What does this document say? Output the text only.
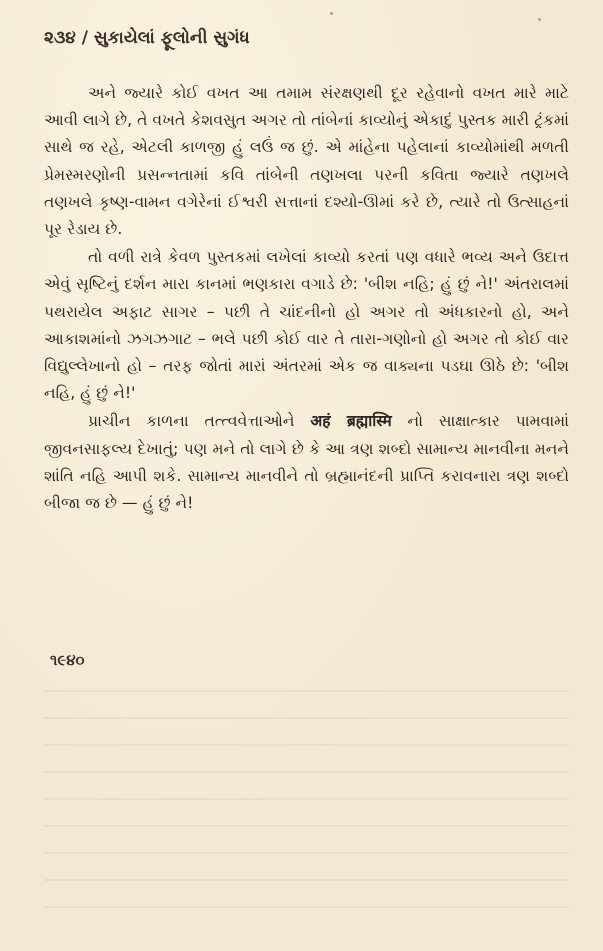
૨૩૪ / સુકાયેલાં ફૂલોની સુગંધ

અને જ્યારે કોઈ વખત આ તમામ સંરક્ષણથી દૂર રહેવાનો વખત મારે માટે આવી લાગે છે, તે વખતે કેશવસુત અગર તો તાંબેનાં કાવ્યોનું એકાદું પુસ્તક મારી ટ્રંકમાં સાથે જ રહે, એટલી કાળજી હું લઉં જ છું. એ માંહેના પહેલાનાં કાવ્યોમાંથી મળતી પ્રેમસ્મરણોની પ્રસન્નતામાં કવિ તાંબેની તણખલા પરની કવિતા જ્યારે તણખલે તણખલે કૃષ્ણ-વામન વગેરેનાં ઈશ્વરી સત્તાનાં દશ્યો-ઊમાં કરે છે, ત્યારે તો ઉત્સાહનાં પૂર રેડાય છે.

તો વળી રાત્રે કેવળ પુસ્તકમાં લખેલાં કાવ્યો કરતાં પણ વધારે ભવ્ય અને ઉદાત્ત એવું સૃષ્ટિનું દર્શન મારા કાનમાં ભણકારા વગાડે છે: 'બીશ નહિ; હું છું ને!' અંતરાલમાં પથરાયેલ અફાટ સાગર – પછી તે ચાંદનીનો હો અગર તો અંધકારનો હો, અને આકાશમાંનો ઝગઝગાટ – ભલે પછી કોઈ વાર તે તારા-ગણોનો હો અગર તો કોઈ વાર વિદ્યુલ્લેખાનો હો – તરફ જોતાં મારાં અંતરમાં એક જ વાક્યના પડઘા ઊઠે છે: 'બીશ નહિ, હું છું ને!'

પ્રાચીન કાળના તત્ત્વવેત્તાઓને अहं ब्रह्मास्मि નો સાક્ષાત્કાર પામવામાં જીવનસાફલ્ય દેખાતું; પણ મને તો લાગે છે કે આ ત્રણ શબ્દો સામાન્ય માનવીના મનને શાંતિ નહિ આપી શકે. સામાન્ય માનવીને તો બ્રહ્માનંદની પ્રાપ્તિ કરાવનારા ત્રણ શબ્દો બીજા જ છે — હું છું ને!

૧૯૪૦
